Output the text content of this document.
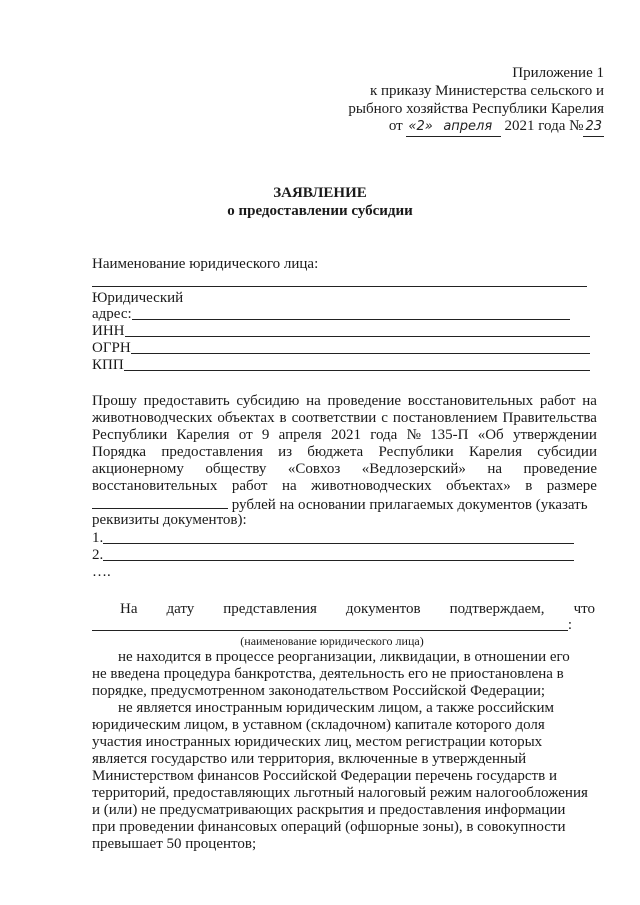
Приложение 1
к приказу Министерства сельского и
рыбного хозяйства Республики Карелия
от «2» апреля 2021 года № 23
ЗАЯВЛЕНИЕ
о предоставлении субсидии
Наименование юридического лица:
Юридический
адрес:
ИНН
ОГРН
КПП
Прошу предоставить субсидию на проведение восстановительных работ на
животноводческих объектах в соответствии с постановлением Правительства
Республики Карелия от 9 апреля 2021 года № 135-П «Об утверждении
Порядка предоставления из бюджета Республики Карелия субсидии
акционерному обществу «Совхоз «Ведлозерский» на проведение
восстановительных работ на животноводческих объектах» в размере
рублей на основании прилагаемых документов (указать
реквизиты документов):
1.
2.
….
На дату представления документов подтверждаем, что
:
(наименование юридического лица)
не находится в процессе реорганизации, ликвидации, в отношении его
не введена процедура банкротства, деятельность его не приостановлена в
порядке, предусмотренном законодательством Российской Федерации;
не является иностранным юридическим лицом, а также российским
юридическим лицом, в уставном (складочном) капитале которого доля
участия иностранных юридических лиц, местом регистрации которых
является государство или территория, включенные в утвержденный
Министерством финансов Российской Федерации перечень государств и
территорий, предоставляющих льготный налоговый режим налогообложения
и (или) не предусматривающих раскрытия и предоставления информации
при проведении финансовых операций (офшорные зоны), в совокупности
превышает 50 процентов;
